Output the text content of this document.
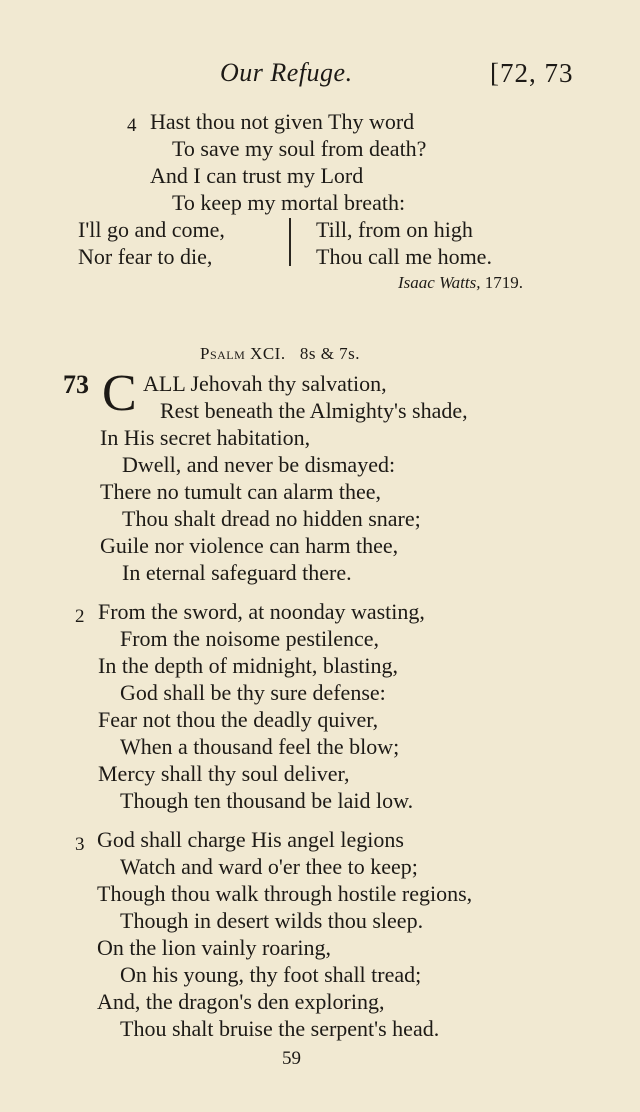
Our Refuge.	[72, 73
4 Hast thou not given Thy word
To save my soul from death?
And I can trust my Lord
To keep my mortal breath:
I'll go and come,
Nor fear to die,
Till, from on high
Thou call me home.
Isaac Watts, 1719.
Psalm XCI. 8s & 7s.
73 C ALL Jehovah thy salvation,
Rest beneath the Almighty's shade,
In His secret habitation,
Dwell, and never be dismayed:
There no tumult can alarm thee,
Thou shalt dread no hidden snare;
Guile nor violence can harm thee,
In eternal safeguard there.
2 From the sword, at noonday wasting,
From the noisome pestilence,
In the depth of midnight, blasting,
God shall be thy sure defense:
Fear not thou the deadly quiver,
When a thousand feel the blow;
Mercy shall thy soul deliver,
Though ten thousand be laid low.
3 God shall charge His angel legions
Watch and ward o'er thee to keep;
Though thou walk through hostile regions,
Though in desert wilds thou sleep.
On the lion vainly roaring,
On his young, thy foot shall tread;
And, the dragon's den exploring,
Thou shalt bruise the serpent's head.
59
